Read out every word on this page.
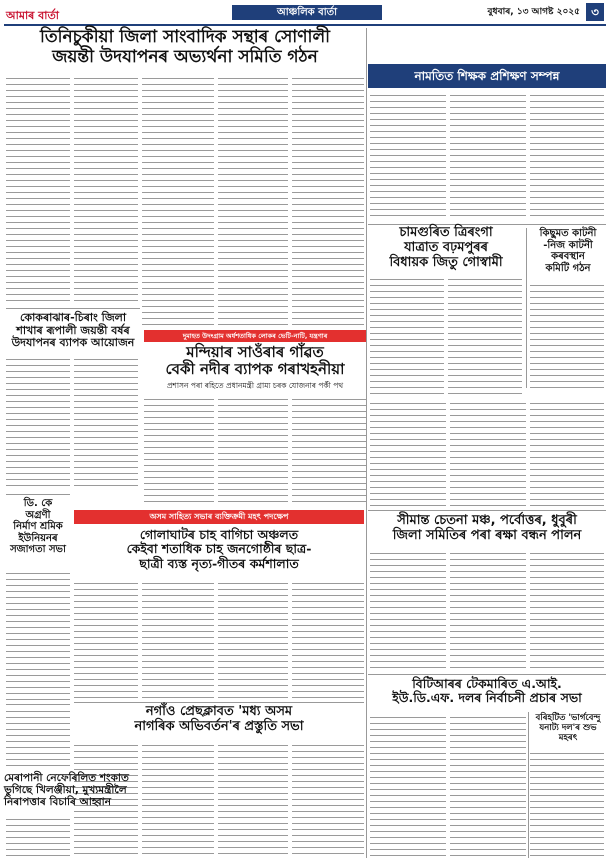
আমাৰ বাৰ্তা	আঞ্চলিক বাৰ্তা	বুধবাৰ, ১৩ আগষ্ট ২০২৫ ৩

তিনিচুকীয়া জিলা সাংবাদিক সন্থাৰ সোণালী

জয়ন্তী উদযাপনৰ অভ্যৰ্থনা সমিতি গঠন

নামতিত শিক্ষক প্ৰশিক্ষণ সম্পন্ন

চামগুৰিত ত্ৰিৰংগা

যাত্ৰাত বঢ়মপুৰৰ

বিধায়ক জিতু গোস্বামী

কিছুমত কাটনী

-নিজ কাটনী

কৰবস্থান

কমিটি গঠন

দুমাহত উদংগ্ৰাম অৰ্ধশতাধিক লোকৰ ভেটি-নাটি, যন্ত্ৰণাৰ

মন্দিয়াৰ সাওঁৰাৰ গাঁৱত

বেকী নদীৰ ব্যাপক গৰাখহনীয়া

প্ৰশাসন পৰা ৰহিতে প্ৰধানমন্ত্ৰী গ্ৰাম্য চৰক যোজনাৰ পৰ্কী পথ

কোকৰাঝাৰ-চিৰাং জিলা

শাখাৰ ৰূপালী জয়ন্তী বৰ্ষৰ

উদযাপনৰ ব্যাপক আয়োজন

সীমান্ত চেতনা মঞ্চ, পৰ্বোত্তৰ, ধুবুৰী

জিলা সমিতিৰ পৰা ৰক্ষা বন্ধন পালন

ডি. কে

অগ্ৰণী

নিৰ্মাণ শ্ৰমিক

ইউনিয়নৰ

সজাগতা সভা

অসম সাহিত্য সভাৰ ব্যক্তিক্ৰমী মহৎ পদক্ষেপ

গোলাঘাটৰ চাহ বাগিচা অঞ্চলত

কেইবা শতাধিক চাহ জনগোষ্ঠীৰ ছাত্ৰ-

ছাত্ৰী ব্যস্ত নৃত্য-গীতৰ কৰ্মশালাত

নগাঁও প্ৰেছক্লাবত 'মধ্য অসম

নাগৰিক অভিবৰ্তন'ৰ প্ৰস্তুতি সভা

মেৰাপানী নেফেৰিলিত শংকাত

ভুগিছে খিলঞ্জীয়া, মুখ্যমন্ত্ৰীলৈ

নিৰাপত্তাৰ বিচাৰি আহ্বান

বিটিআৰৰ টেকমাৰিত এ.আই.

ইউ.ডি.এফ. দলৰ নিৰ্বাচনী প্ৰচাৰ সভা

বৰিহটিত 'ভাৰ্গবেন্দু

যনাট্য দল'ৰ শুভ মহৰৎ
